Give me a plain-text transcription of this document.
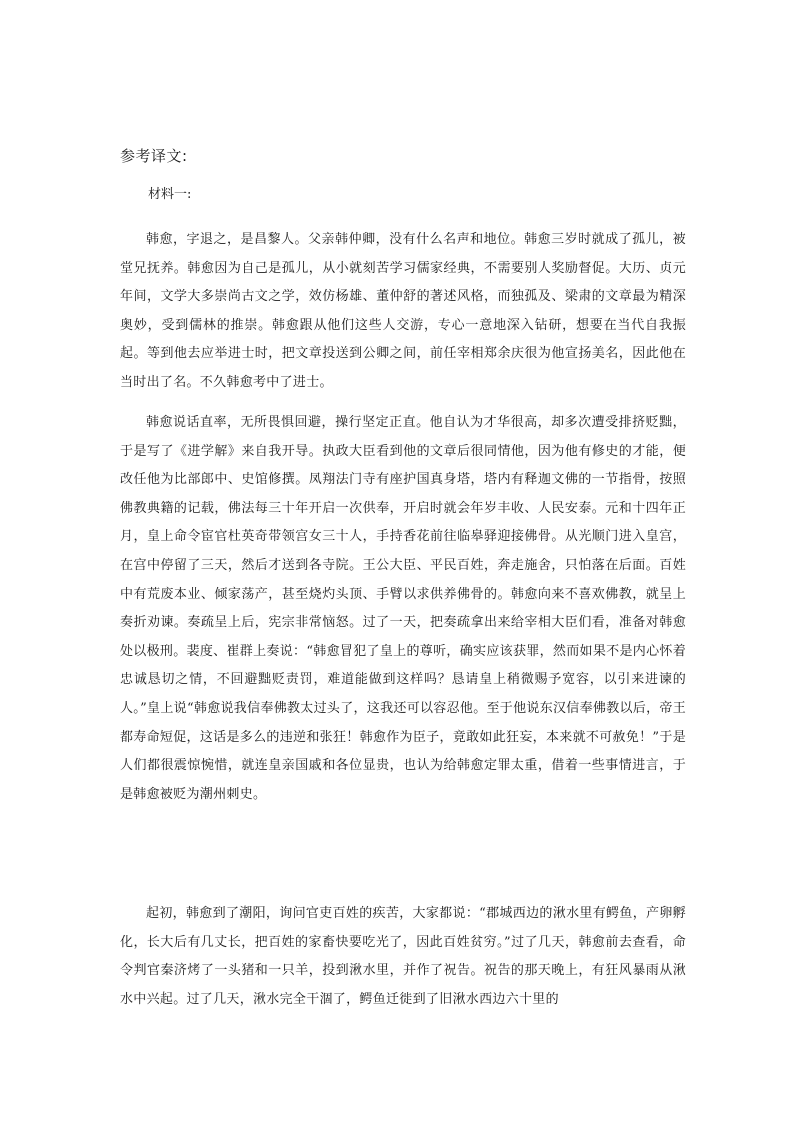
参考译文:
材料一:

韩愈，字退之，是昌黎人。父亲韩仲卿，没有什么名声和地位。韩愈三岁时就成了孤儿，被堂兄抚养。韩愈因为自己是孤儿，从小就刻苦学习儒家经典，不需要别人奖励督促。大历、贞元年间，文学大多崇尚古文之学，效仿杨雄、董仲舒的著述风格，而独孤及、梁肃的文章最为精深奥妙，受到儒林的推崇。韩愈跟从他们这些人交游，专心一意地深入钻研，想要在当代自我振起。等到他去应举进士时，把文章投送到公卿之间，前任宰相郑余庆很为他宣扬美名，因此他在当时出了名。不久韩愈考中了进士。

韩愈说话直率，无所畏惧回避，操行坚定正直。他自认为才华很高，却多次遭受排挤贬黜，于是写了《进学解》来自我开导。执政大臣看到他的文章后很同情他，因为他有修史的才能，便改任他为比部郎中、史馆修撰。凤翔法门寺有座护国真身塔，塔内有释迦文佛的一节指骨，按照佛教典籍的记载，佛法每三十年开启一次供奉，开启时就会年岁丰收、人民安泰。元和十四年正月，皇上命令宦官杜英奇带领宫女三十人，手持香花前往临皋驿迎接佛骨。从光顺门进入皇宫，在宫中停留了三天，然后才送到各寺院。王公大臣、平民百姓，奔走施舍，只怕落在后面。百姓中有荒废本业、倾家荡产，甚至烧灼头顶、手臂以求供养佛骨的。韩愈向来不喜欢佛教，就呈上奏折劝谏。奏疏呈上后，宪宗非常恼怒。过了一天，把奏疏拿出来给宰相大臣们看，准备对韩愈处以极刑。裴度、崔群上奏说：“韩愈冒犯了皇上的尊听，确实应该获罪，然而如果不是内心怀着忠诚恳切之情，不回避黜贬责罚，难道能做到这样吗？恳请皇上稍微赐予宽容，以引来进谏的人。”皇上说“韩愈说我信奉佛教太过头了，这我还可以容忍他。至于他说东汉信奉佛教以后，帝王都寿命短促，这话是多么的违逆和张狂！韩愈作为臣子，竟敢如此狂妄，本来就不可赦免！”于是人们都很震惊惋惜，就连皇亲国戚和各位显贵，也认为给韩愈定罪太重，借着一些事情进言，于是韩愈被贬为潮州刺史。

起初，韩愈到了潮阳，询问官吏百姓的疾苦，大家都说：“郡城西边的湫水里有鳄鱼，产卵孵化，长大后有几丈长，把百姓的家畜快要吃光了，因此百姓贫穷。”过了几天，韩愈前去查看，命令判官秦济烤了一头猪和一只羊，投到湫水里，并作了祝告。祝告的那天晚上，有狂风暴雨从湫水中兴起。过了几天，湫水完全干涸了，鳄鱼迁徙到了旧湫水西边六十里的
